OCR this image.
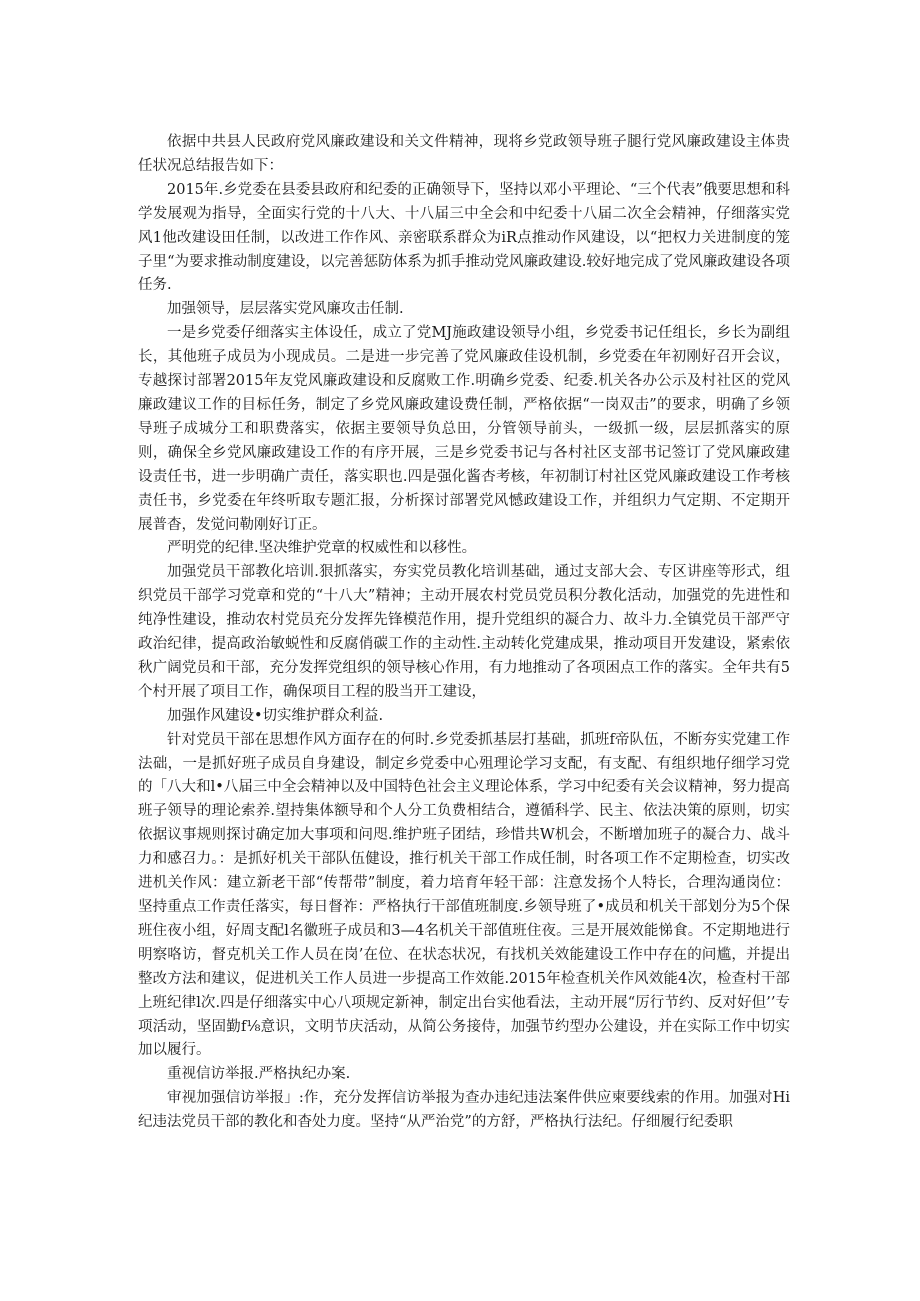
依据中共县人民政府党风廉政建设和关文件精神，现将乡党政领导班子腿行党风廉政建设主体贵任状况总结报告如下：

2015年.乡党委在县委县政府和纪委的正确领导下，坚持以邓小平理论、“三个代表”俄要思想和科学发展观为指导，全面实行党的十八大、十八届三中全会和中纪委十八届二次全会精神，仔细落实党风1他改建设田任制，以改进工作作风、亲密联系群众为iR点推动作风建设，以“把权力关进制度的笼子里“为要求推动制度建设，以完善惩防体系为抓手推动党风廉政建设.较好地完成了党风廉政建设各项任务.

加强领导，层层落实党风廉攻击任制.

一是乡党委仔细落实主体设任，成立了党MJ施政建设领导小组，乡党委书记任组长，乡长为副组长，其他班子成员为小现成员。二是进一步完善了党风廉政佳设机制，乡党委在年初刚好召开会议，专越探讨部署2015年友党风廉政建设和反腐败工作.明确乡党委、纪委.机关各办公示及村社区的党风廉政建议工作的目标任务，制定了乡党风廉政建设费任制，严格依据“一岗双击”的要求，明确了乡领导班子成城分工和职费落实，依据主要领导负总田，分管领导前头，一级抓一级，层层抓落实的原则，确保全乡党风廉政建设工作的有序开展，三是乡党委书记与各村社区支部书记签订了党风廉政建设责任书，进一步明确广责任，落实职也.四是强化酱杏考核，年初制订村社区党风廉政建设工作考核责任书，乡党委在年终听取专题汇报，分析探讨部署党风憾政建设工作，并组织力气定期、不定期开展普杳，发觉问勒刚好订正。

严明党的纪律.坚决维护党章的权威性和以移性。

加强党员干部教化培训.狠抓落实，夯实党员教化培训基础，通过支部大会、专区讲座等形式，组织党员干部学习党章和党的“十八大”精神；主动开展农村党员党员积分教化活动，加强党的先进性和纯净性建设，推动农村党员充分发挥先锋模范作用，提升党组织的凝合力、故斗力.全镇党员干部严守政治纪律，提高政治敏蜕性和反腐俏碳工作的主动性.主动转化党建成果，推动项目开发建设，紧索依秋广阔党员和干部，充分发挥党组织的领导核心作用，有力地推动了各项困点工作的落实。全年共有5个村开展了项目工作，确保项目工程的股当开工建设，

加强作风建设•切实维护群众利益.

针对党员干部在思想作风方面存在的何时.乡党委抓基层打基础，抓班f帝队伍，不断夯实党建工作法础，一是抓好班子成员自身建设，制定乡党委中心殂理论学习支配，有支配、有组织地仔细学习党的「八大和l•八届三中全会精神以及中国特色社会主义理论体系，学习中纪委有关会议精神，努力提高班子领导的理论索养.望持集体额导和个人分工负费相结合，遵循科学、民主、依法决策的原则，切实依据议事规则探讨确定加大事项和问咫.维护班子团结，珍惜共W机会，不断增加班子的凝合力、战斗力和感召力。：是抓好机关干部队伍健设，推行机关干部工作成任制，时各项工作不定期检查，切实改进机关作风：建立新老干部“传帮带”制度，着力培育年轻干部：注意发扬个人特长，合理沟通岗位：坚持重点工作责任落实，每日督祚：严格执行干部值班制度.乡领导班了•成员和机关干部划分为5个保班住夜小组，好周支配l名徽班子成员和3—4名机关干部值班住夜。三是开展效能悌食。不定期地进行明察咯访，督克机关工作人员在岗’在位、在状态状况，有找机关效能建设工作中存在的问尴，并提出整改方法和建议，促进机关工作人员进一步提高工作效能.2015年检查机关作风效能4次，检查村干部上班纪律l次.四是仔细落实中心八项规定新神，制定出台实他看法，主动开展“厉行节约、反对好但’’专项活动，坚固勤f⅛意识，文明节庆活动，从简公务接侍，加强节约型办公建设，并在实际工作中切实加以履行。

重视信访举报.严格执纪办案.

审视加强信访举报」:作，充分发挥信访举报为查办违纪违法案件供应柬要线索的作用。加强对Hi纪违法党员干部的教化和杳处力度。坚持“从严治党”的方舒，严格执行法纪。仔细履行纪委职
